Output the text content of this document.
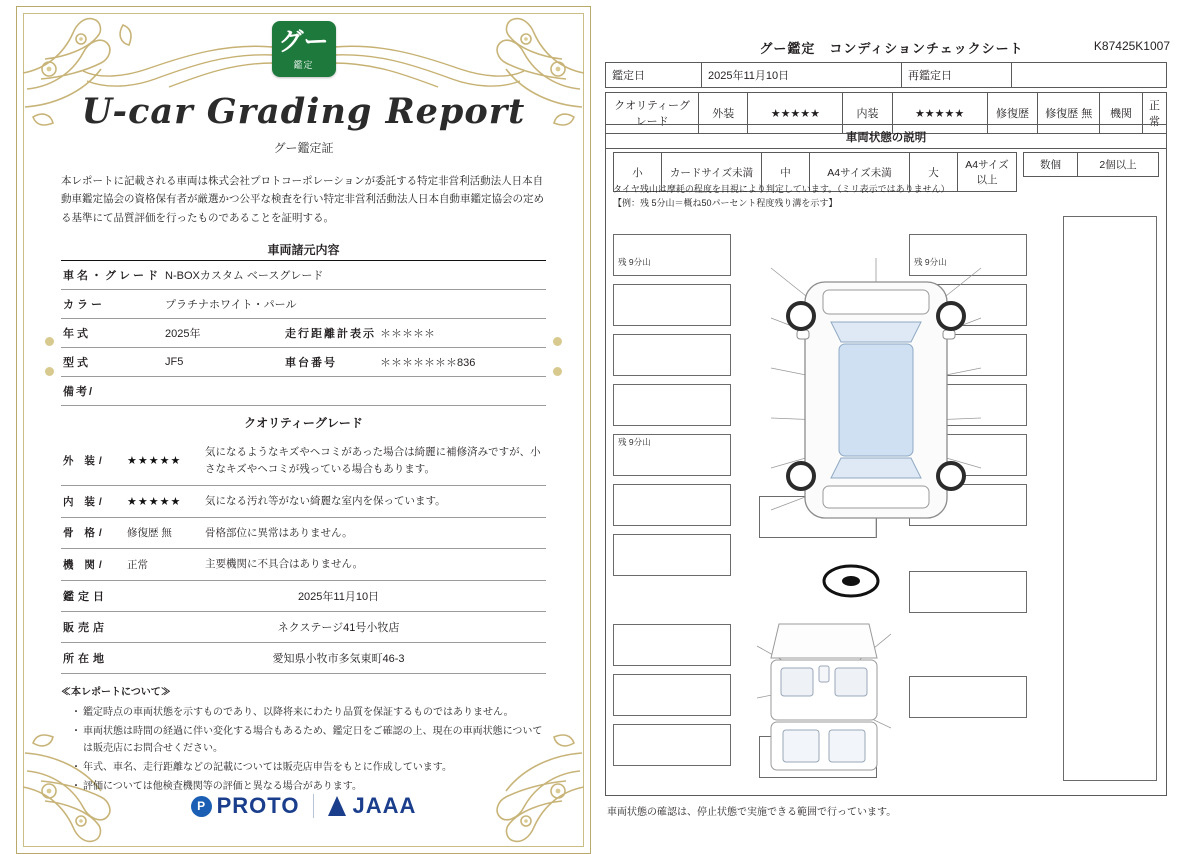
グー
鑑定
U-car Grading Report
グー鑑定証
本レポートに記載される車両は株式会社プロトコーポレーションが委託する特定非営利活動法人日本自動車鑑定協会の資格保有者が厳選かつ公平な検査を行い特定非営利活動法人日本自動車鑑定協会の定める基準にて品質評価を行ったものであることを証明する。
車両諸元内容
車名・グレード	N-BOXカスタム ベースグレード		
カラー	プラチナホワイト・パール		
年式	2025年	走行距離計表示	＊＊＊＊＊
型式	JF5	車台番号	＊＊＊＊＊＊＊836
備考/			
クオリティーグレード
外 装/	★★★★★	気になるようなキズやヘコミがあった場合は綺麗に補修済みですが、小さなキズやヘコミが残っている場合もあります。
内 装/	★★★★★	気になる汚れ等がない綺麗な室内を保っています。
骨 格/	修復歴 無	骨格部位に異常はありません。
機 関/	正常	主要機関に不具合はありません。
鑑定日	2025年11月10日
販売店	ネクステージ41号小牧店
所在地	愛知県小牧市多気東町46-3
≪本レポートについて≫
・ 鑑定時点の車両状態を示すものであり、以降将来にわたり品質を保証するものではありません。
・ 車両状態は時間の経過に伴い変化する場合もあるため、鑑定日をご確認の上、現在の車両状態については販売店にお問合せください。
・ 年式、車名、走行距離などの記載については販売店申告をもとに作成しています。
・ 評価については他検査機関等の評価と異なる場合があります。
P PROTO JAAA
グー鑑定　コンディションチェックシート	K87425K1007
鑑定日	2025年11月10日	再鑑定日	
クオリティーグレード	外装	★★★★★	内装	★★★★★	修復歴	修復歴 無	機関	正常
車両状態の説明
小	カードサイズ未満	中	A4サイズ未満	大	A4サイズ以上
数個	2個以上
タイヤ残山は摩耗の程度を目視により判定しています。（ミリ表示ではありません）
【例：残 5分山＝概ね50パーセント程度残り溝を示す】
残 9分山	残 9分山
残 9分山
車両状態の確認は、停止状態で実施できる範囲で行っています。
